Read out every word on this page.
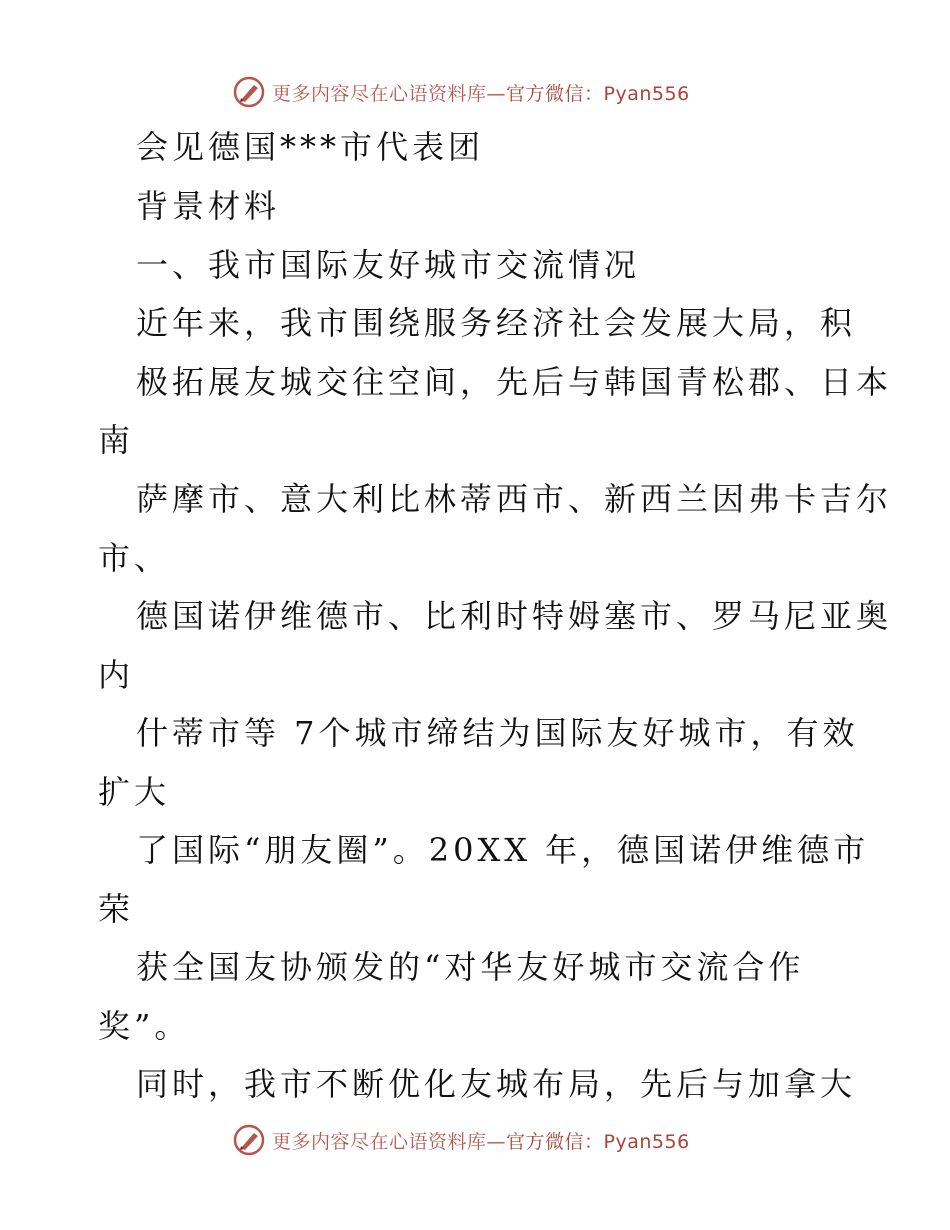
更多内容尽在心语资料库—官方微信：Pyan556
会见德国***市代表团
背景材料
一、我市国际友好城市交流情况
近年来，我市围绕服务经济社会发展大局，积
极拓展友城交往空间，先后与韩国青松郡、日本
南
萨摩市、意大利比林蒂西市、新西兰因弗卡吉尔
市、
德国诺伊维德市、比利时特姆塞市、罗马尼亚奥
内
什蒂市等 7个城市缔结为国际友好城市，有效
扩大
了国际“朋友圈”。20XX 年，德国诺伊维德市
荣
获全国友协颁发的“对华友好城市交流合作
奖”。
同时，我市不断优化友城布局，先后与加拿大
更多内容尽在心语资料库—官方微信：Pyan556
